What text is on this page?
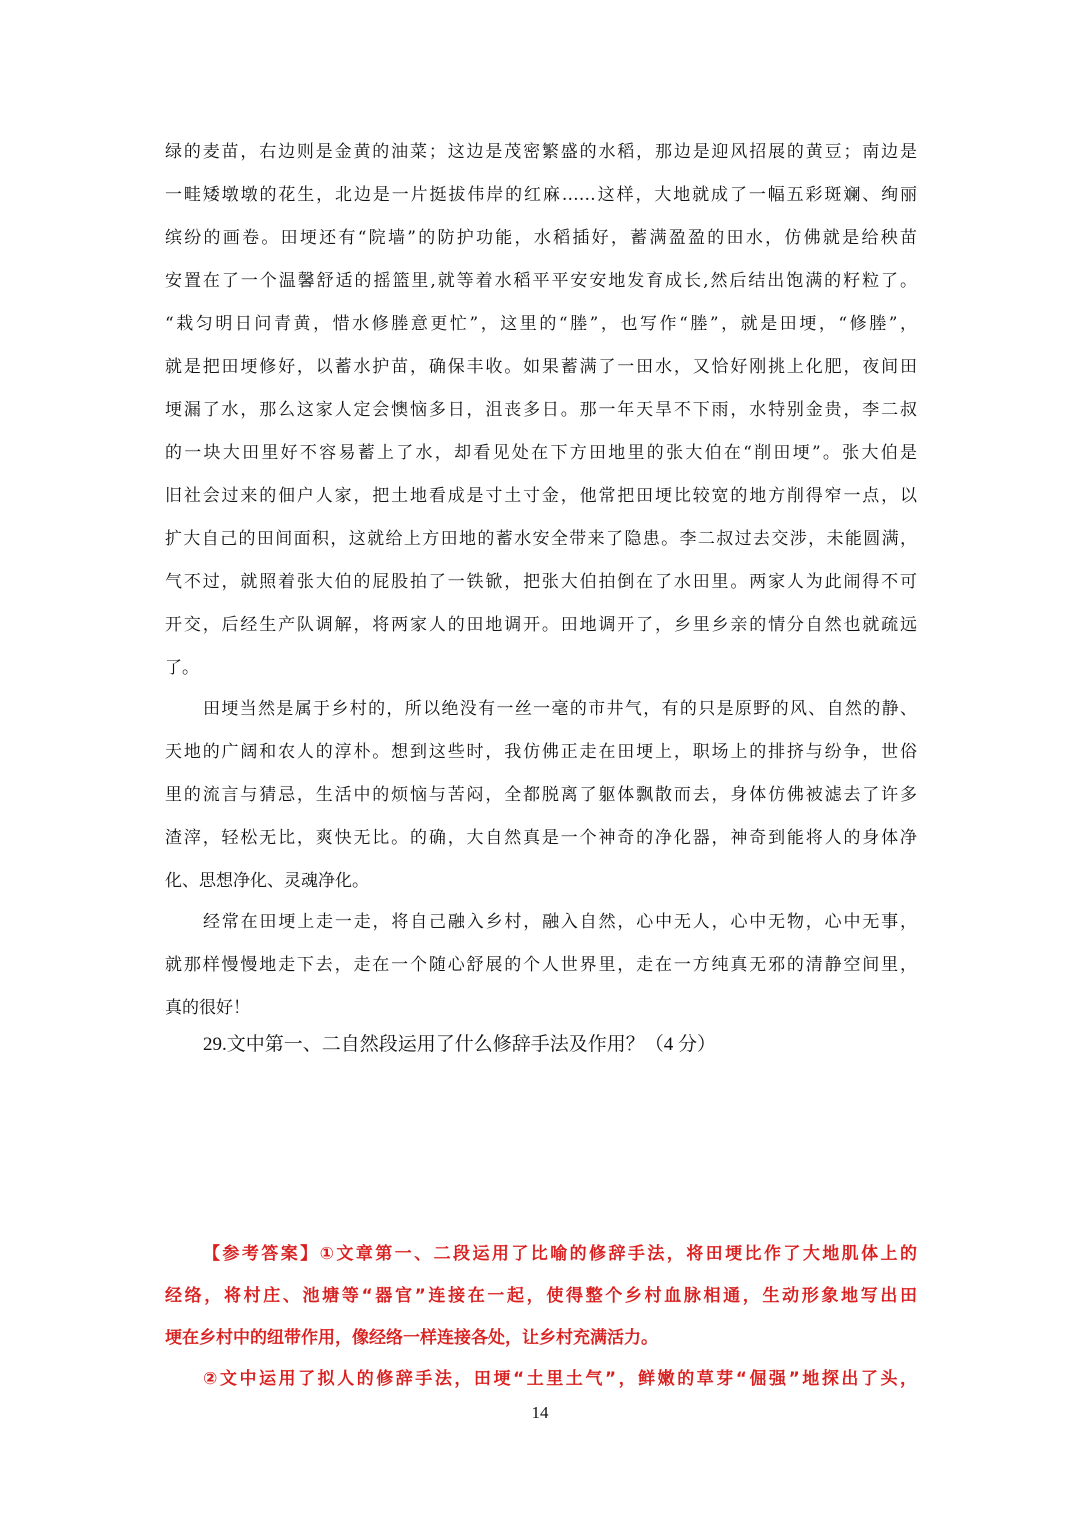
绿的麦苗，右边则是金黄的油菜；这边是茂密繁盛的水稻，那边是迎风招展的黄豆；南边是
一畦矮墩墩的花生，北边是一片挺拔伟岸的红麻……这样，大地就成了一幅五彩斑斓、绚丽
缤纷的画卷。田埂还有“院墙”的防护功能，水稻插好，蓄满盈盈的田水，仿佛就是给秧苗
安置在了一个温馨舒适的摇篮里,就等着水稻平平安安地发育成长,然后结出饱满的籽粒了。
“栽匀明日问青黄，惜水修塍意更忙”，这里的“塍”，也写作“塍”，就是田埂，“修塍”，
就是把田埂修好，以蓄水护苗，确保丰收。如果蓄满了一田水，又恰好刚挑上化肥，夜间田
埂漏了水，那么这家人定会懊恼多日，沮丧多日。那一年天旱不下雨，水特别金贵，李二叔
的一块大田里好不容易蓄上了水，却看见处在下方田地里的张大伯在“削田埂”。张大伯是
旧社会过来的佃户人家，把土地看成是寸土寸金，他常把田埂比较宽的地方削得窄一点，以
扩大自己的田间面积，这就给上方田地的蓄水安全带来了隐患。李二叔过去交涉，未能圆满，
气不过，就照着张大伯的屁股拍了一铁锨，把张大伯拍倒在了水田里。两家人为此闹得不可
开交，后经生产队调解，将两家人的田地调开。田地调开了，乡里乡亲的情分自然也就疏远
了。
田埂当然是属于乡村的，所以绝没有一丝一毫的市井气，有的只是原野的风、自然的静、
天地的广阔和农人的淳朴。想到这些时，我仿佛正走在田埂上，职场上的排挤与纷争，世俗
里的流言与猜忌，生活中的烦恼与苦闷，全都脱离了躯体飘散而去，身体仿佛被滤去了许多
渣滓，轻松无比，爽快无比。的确，大自然真是一个神奇的净化器，神奇到能将人的身体净
化、思想净化、灵魂净化。
经常在田埂上走一走，将自己融入乡村，融入自然，心中无人，心中无物，心中无事，
就那样慢慢地走下去，走在一个随心舒展的个人世界里，走在一方纯真无邪的清静空间里，
真的很好！
29.文中第一、二自然段运用了什么修辞手法及作用？（4 分）
【参考答案】①文章第一、二段运用了比喻的修辞手法，将田埂比作了大地肌体上的
经络，将村庄、池塘等“器官”连接在一起，使得整个乡村血脉相通，生动形象地写出田
埂在乡村中的纽带作用，像经络一样连接各处，让乡村充满活力。
②文中运用了拟人的修辞手法，田埂“土里土气”，鲜嫩的草芽“倔强”地探出了头，
14
